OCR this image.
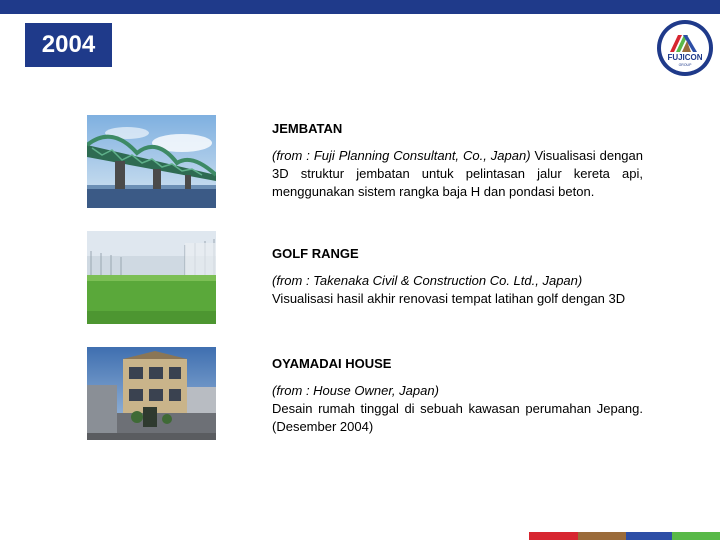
2004	FUJICON
GROUP
JEMBATAN
(from : Fuji Planning Consultant, Co., Japan) Visualisasi dengan 3D struktur jembatan untuk pelintasan jalur kereta api, menggunakan sistem rangka baja H dan pondasi beton.
GOLF RANGE
(from : Takenaka Civil & Construction Co. Ltd., Japan)
Visualisasi hasil akhir renovasi tempat latihan golf dengan 3D
OYAMADAI HOUSE
(from : House Owner, Japan)
Desain rumah tinggal di sebuah kawasan perumahan Jepang. (Desember 2004)
